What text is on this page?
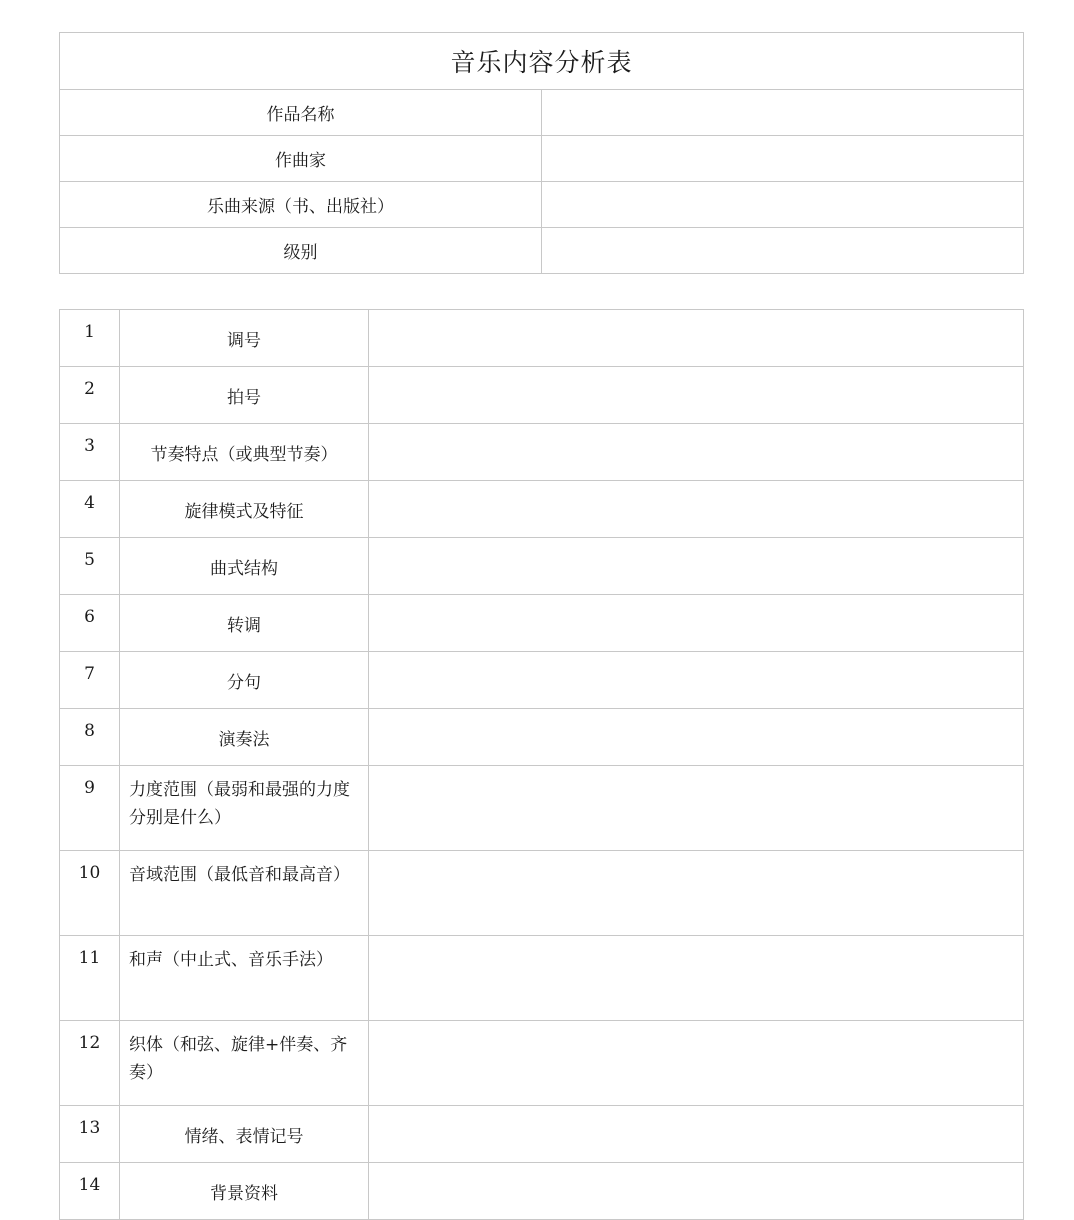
音乐内容分析表	
作品名称	
作曲家	
乐曲来源（书、出版社）	
级别	
1	调号	
2	拍号	
3	节奏特点（或典型节奏）	
4	旋律模式及特征	
5	曲式结构	
6	转调	
7	分句	
8	演奏法	
9	力度范围（最弱和最强的力度分别是什么）	
10	音域范围（最低音和最高音）	
11	和声（中止式、音乐手法）	
12	织体（和弦、旋律+伴奏、齐奏）	
13	情绪、表情记号	
14	背景资料	
